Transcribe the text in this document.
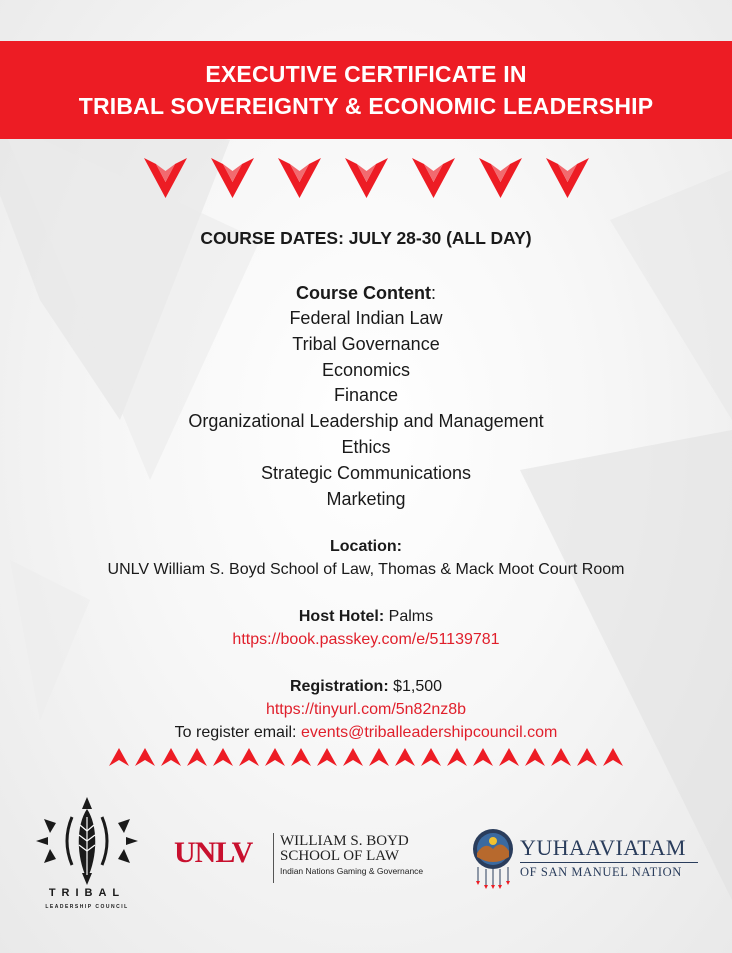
EXECUTIVE CERTIFICATE IN
TRIBAL SOVEREIGNTY & ECONOMIC LEADERSHIP
COURSE DATES: JULY 28-30 (ALL DAY)
Course Content:
Federal Indian Law
Tribal Governance
Economics
Finance
Organizational Leadership and Management
Ethics
Strategic Communications
Marketing
Location:
UNLV William S. Boyd School of Law, Thomas & Mack Moot Court Room
Host Hotel: Palms
https://book.passkey.com/e/51139781
Registration: $1,500
https://tinyurl.com/5n82nz8b
To register email: events@triballeadershipcouncil.com
TRIBAL
LEADERSHIP COUNCIL
UNLV WILLIAM S. BOYD
SCHOOL OF LAW
Indian Nations Gaming & Governance
YUHAAVIATAM
OF SAN MANUEL NATION
